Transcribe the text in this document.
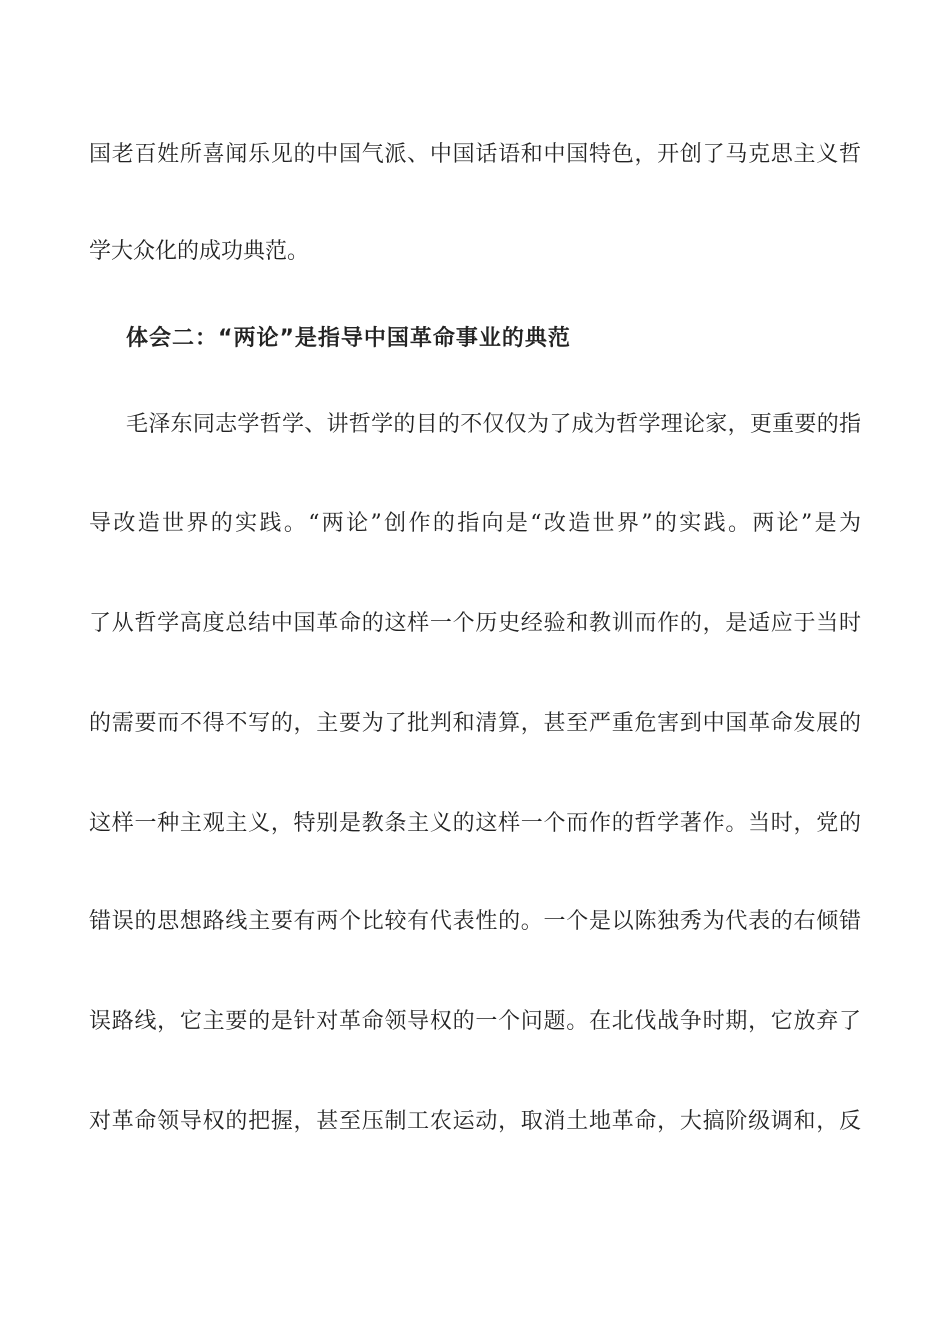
国老百姓所喜闻乐见的中国气派、中国话语和中国特色，开创了马克思主义哲
学大众化的成功典范。
体会二：“两论”是指导中国革命事业的典范
毛泽东同志学哲学、讲哲学的目的不仅仅为了成为哲学理论家，更重要的指
导改造世界的实践。“两论”创作的指向是“改造世界”的实践。两论”是为
了从哲学高度总结中国革命的这样一个历史经验和教训而作的，是适应于当时
的需要而不得不写的，主要为了批判和清算，甚至严重危害到中国革命发展的
这样一种主观主义，特别是教条主义的这样一个而作的哲学著作。当时，党的
错误的思想路线主要有两个比较有代表性的。一个是以陈独秀为代表的右倾错
误路线，它主要的是针对革命领导权的一个问题。在北伐战争时期，它放弃了
对革命领导权的把握，甚至压制工农运动，取消土地革命，大搞阶级调和，反
